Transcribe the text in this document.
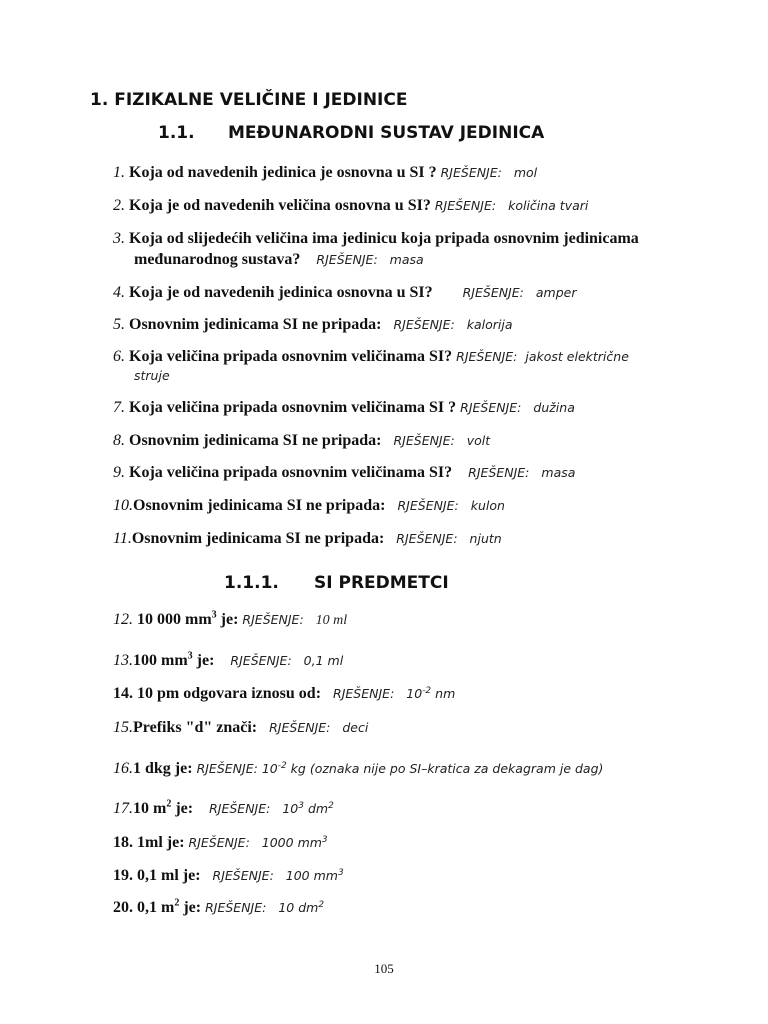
1. FIZIKALNE VELIČINE I JEDINICE
1.1. MEĐUNARODNI SUSTAV JEDINICA
1. Koja od navedenih jedinica je osnovna u SI ? RJEŠENJE: mol
2. Koja je od navedenih veličina osnovna u SI? RJEŠENJE: količina tvari
3. Koja od slijedećih veličina ima jedinicu koja pripada osnovnim jedinicama
međunarodnog sustava? RJEŠENJE: masa
4. Koja je od navedenih jedinica osnovna u SI? RJEŠENJE: amper
5. Osnovnim jedinicama SI ne pripada: RJEŠENJE: kalorija
6. Koja veličina pripada osnovnim veličinama SI? RJEŠENJE: jakost električne
struje
7. Koja veličina pripada osnovnim veličinama SI ? RJEŠENJE: dužina
8. Osnovnim jedinicama SI ne pripada: RJEŠENJE: volt
9. Koja veličina pripada osnovnim veličinama SI? RJEŠENJE: masa
10.Osnovnim jedinicama SI ne pripada: RJEŠENJE: kulon
11.Osnovnim jedinicama SI ne pripada: RJEŠENJE: njutn
1.1.1. SI PREDMETCI
12. 10 000 $mm^3$ je: RJEŠENJE: 10 ml
13.100 $mm^3$ je: RJEŠENJE: 0,1 ml
14. 10 pm odgovara iznosu od: RJEŠENJE: $10^{-2}$ nm
15.Prefiks "d" znači: RJEŠENJE: deci
16.1 dkg je: RJEŠENJE: $10^{-2}$ kg (oznaka nije po SI–kratica za dekagram je dag)
17.10 $m^2$ je: RJEŠENJE: $10^3$ $dm^2$
18. 1ml je: RJEŠENJE: 1000 $mm^3$
19. 0,1 ml je: RJEŠENJE: 100 $mm^3$
20. 0,1 $m^2$ je: RJEŠENJE: 10 $dm^2$
105
